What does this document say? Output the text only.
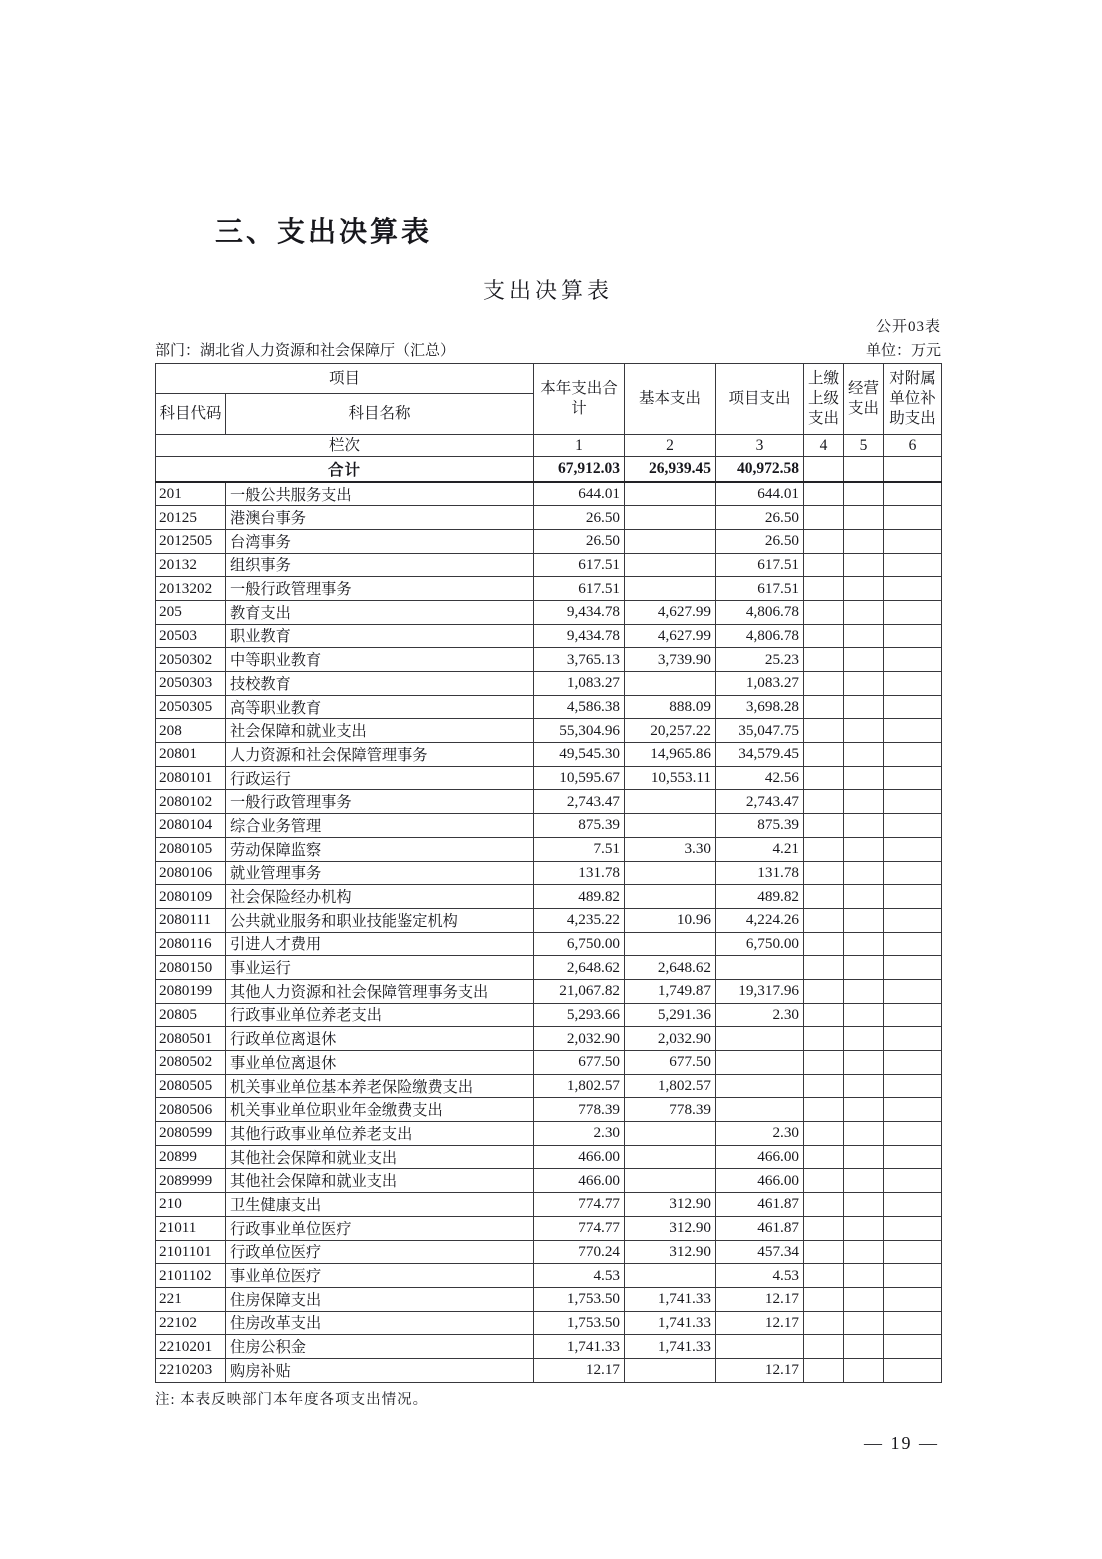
三、支出决算表
支出决算表
公开03表
部门：湖北省人力资源和社会保障厅（汇总）	单位：万元
项目		本年支出合计	基本支出	项目支出	上缴上级支出	经营支出	对附属单位补助支出
科目代码	科目名称						
栏次		1	2	3	4	5	6
合计		67,912.03	26,939.45	40,972.58			
201	一般公共服务支出	644.01		644.01			
20125	港澳台事务	26.50		26.50			
2012505	台湾事务	26.50		26.50			
20132	组织事务	617.51		617.51			
2013202	一般行政管理事务	617.51		617.51			
205	教育支出	9,434.78	4,627.99	4,806.78			
20503	职业教育	9,434.78	4,627.99	4,806.78			
2050302	中等职业教育	3,765.13	3,739.90	25.23			
2050303	技校教育	1,083.27		1,083.27			
2050305	高等职业教育	4,586.38	888.09	3,698.28			
208	社会保障和就业支出	55,304.96	20,257.22	35,047.75			
20801	人力资源和社会保障管理事务	49,545.30	14,965.86	34,579.45			
2080101	行政运行	10,595.67	10,553.11	42.56			
2080102	一般行政管理事务	2,743.47		2,743.47			
2080104	综合业务管理	875.39		875.39			
2080105	劳动保障监察	7.51	3.30	4.21			
2080106	就业管理事务	131.78		131.78			
2080109	社会保险经办机构	489.82		489.82			
2080111	公共就业服务和职业技能鉴定机构	4,235.22	10.96	4,224.26			
2080116	引进人才费用	6,750.00		6,750.00			
2080150	事业运行	2,648.62	2,648.62				
2080199	其他人力资源和社会保障管理事务支出	21,067.82	1,749.87	19,317.96			
20805	行政事业单位养老支出	5,293.66	5,291.36	2.30			
2080501	行政单位离退休	2,032.90	2,032.90				
2080502	事业单位离退休	677.50	677.50				
2080505	机关事业单位基本养老保险缴费支出	1,802.57	1,802.57				
2080506	机关事业单位职业年金缴费支出	778.39	778.39				
2080599	其他行政事业单位养老支出	2.30		2.30			
20899	其他社会保障和就业支出	466.00		466.00			
2089999	其他社会保障和就业支出	466.00		466.00			
210	卫生健康支出	774.77	312.90	461.87			
21011	行政事业单位医疗	774.77	312.90	461.87			
2101101	行政单位医疗	770.24	312.90	457.34			
2101102	事业单位医疗	4.53		4.53			
221	住房保障支出	1,753.50	1,741.33	12.17			
22102	住房改革支出	1,753.50	1,741.33	12.17			
2210201	住房公积金	1,741.33	1,741.33				
2210203	购房补贴	12.17		12.17			
注: 本表反映部门本年度各项支出情况。
— 19 —
